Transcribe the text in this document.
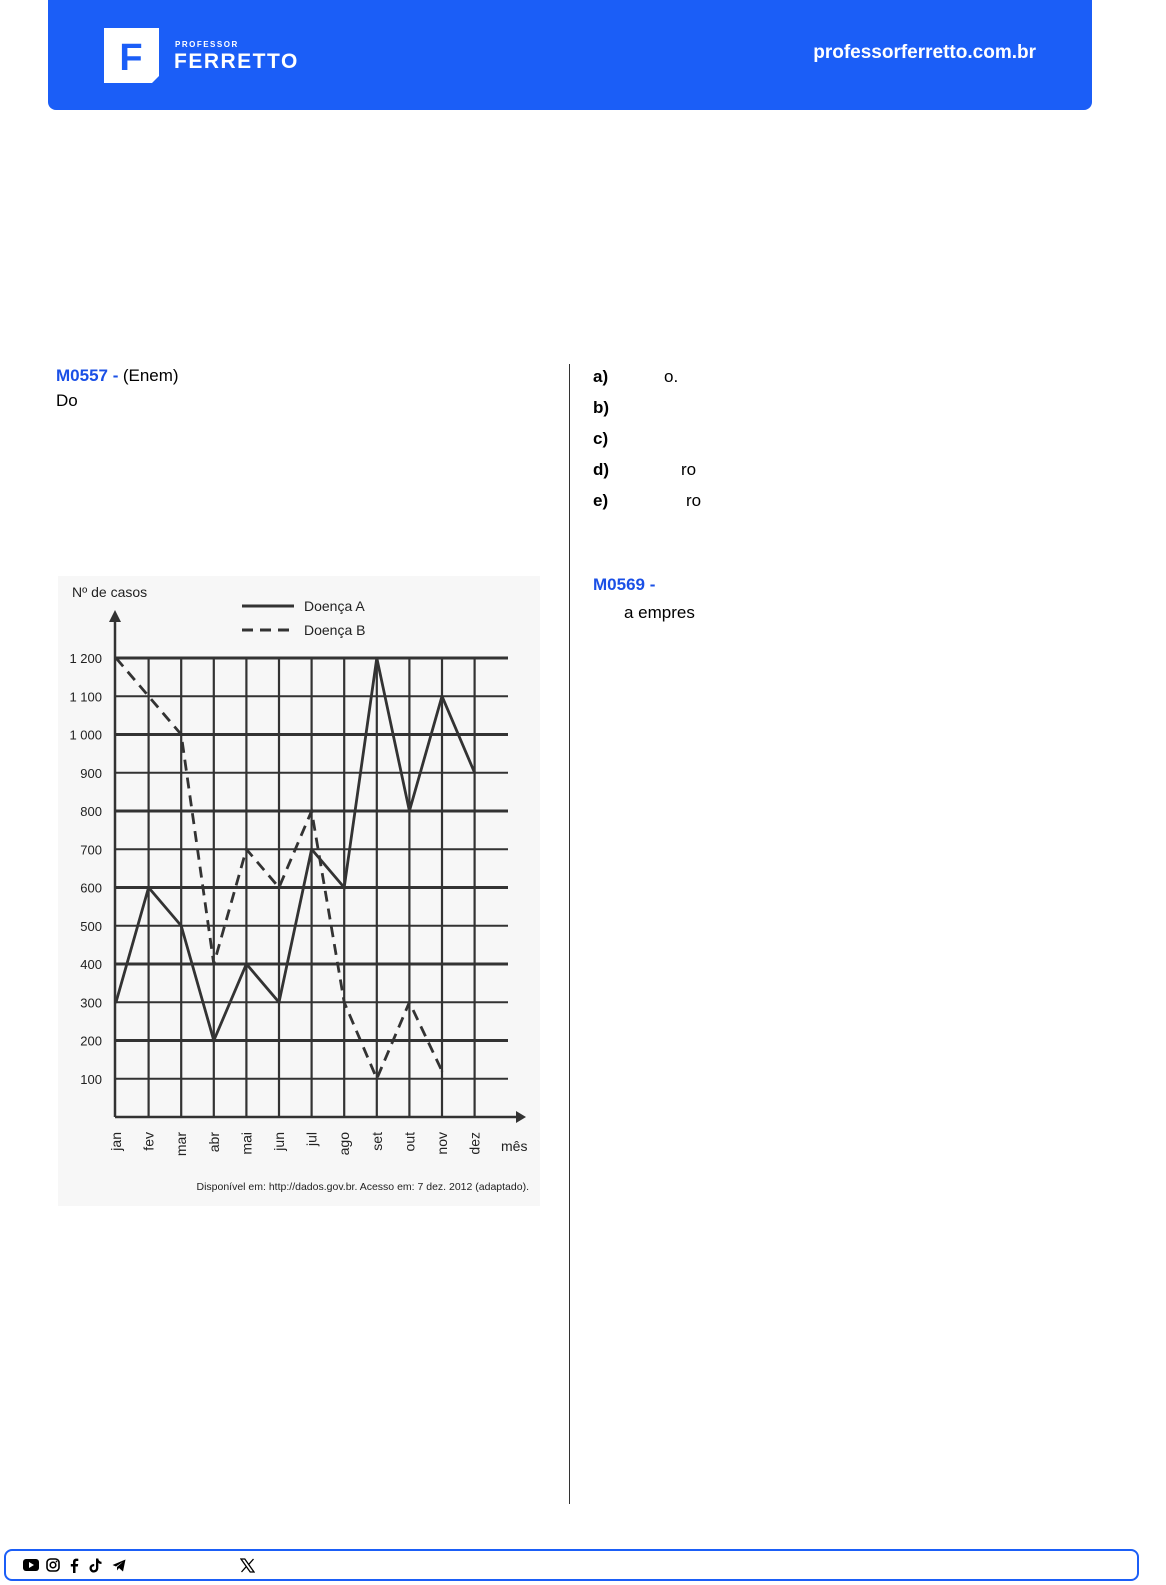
F	PROFESSOR
FERRETTO	professorferretto.com.br
M0557 - (Enem)
Do
1 200
1 100
1 000
900
800
700
600
500
400
300
200
100
Nº de casos
mês
jan fev mar abr mai jun jul ago set out nov dez
Doença A
Doença B
Disponível em: http://dados.gov.br. Acesso em: 7 dez. 2012 (adaptado).
a)	o.
b)
c)
d)	ro
e)	ro
M0569 -
a empres
